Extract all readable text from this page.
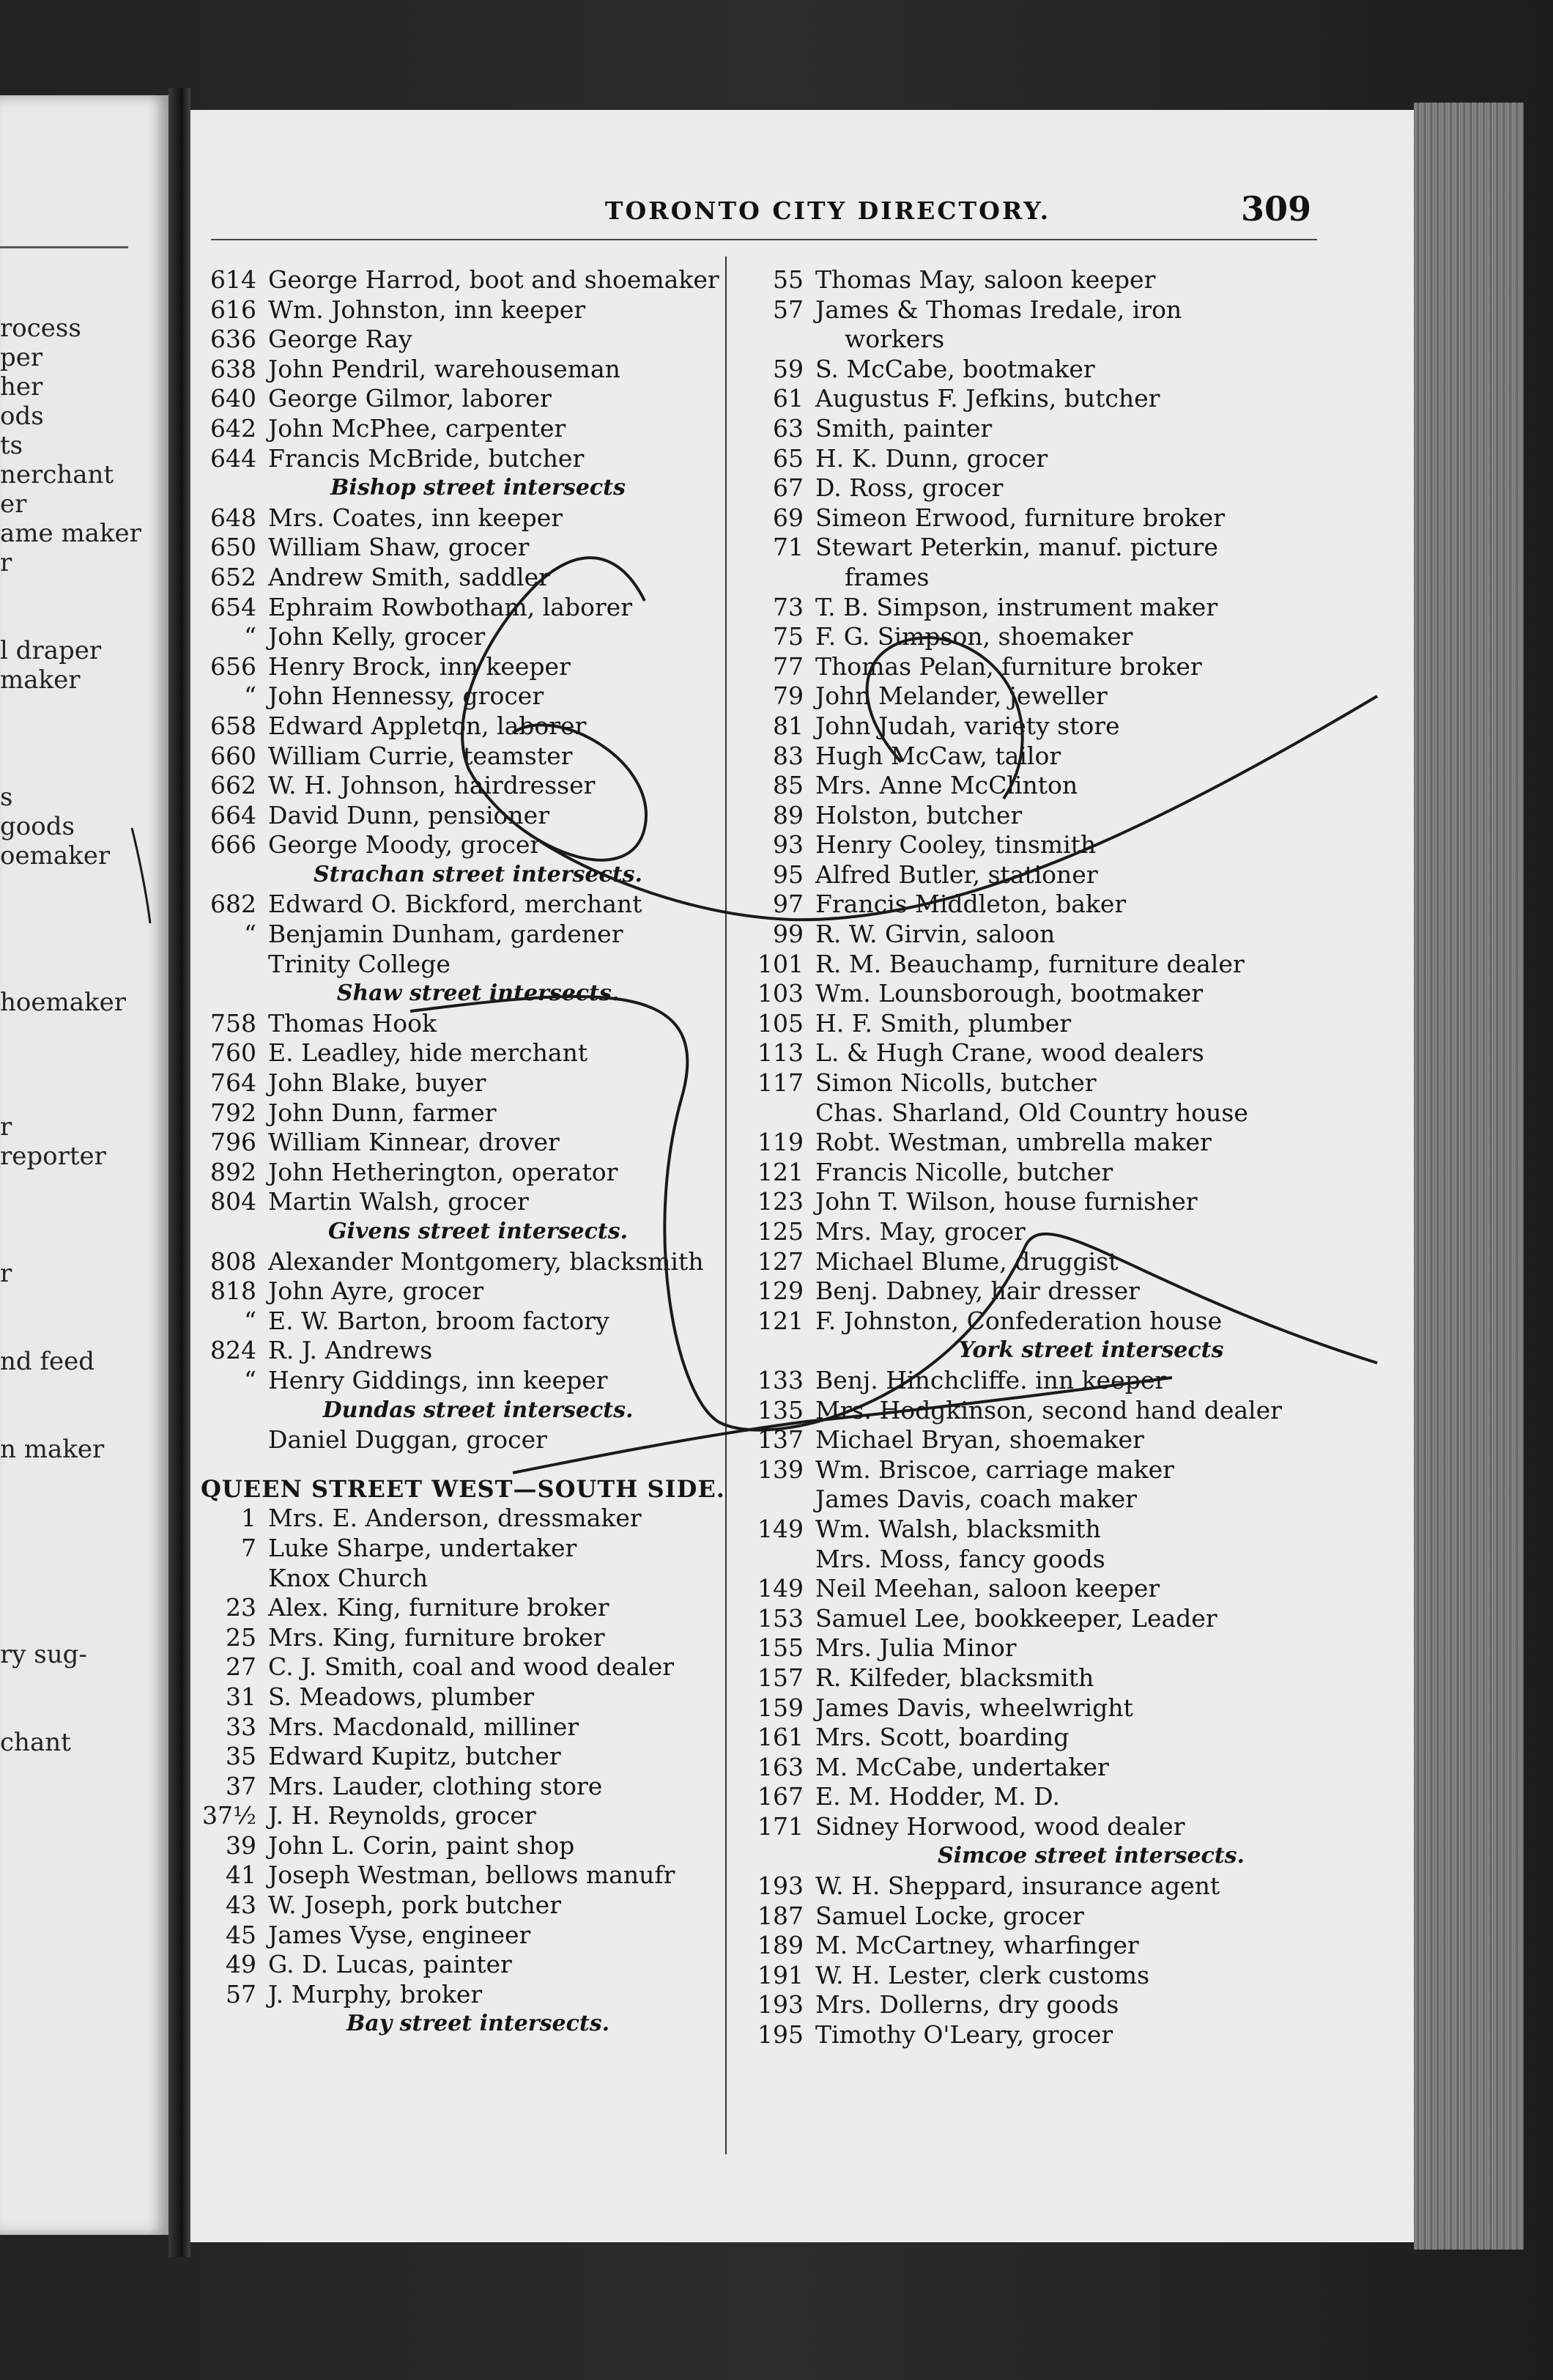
rocess
per
her
ods
ts
nerchant
er
ame maker
r
l draper
maker
s
goods
oemaker
hoemaker
r
reporter
r
nd feed
n maker
ry sug-
chant
TORONTO CITY DIRECTORY.	309
614 George Harrod, boot and shoemaker
616 Wm. Johnston, inn keeper
636 George Ray
638 John Pendril, warehouseman
640 George Gilmor, laborer
642 John McPhee, carpenter
644 Francis McBride, butcher
Bishop street intersects
648 Mrs. Coates, inn keeper
650 William Shaw, grocer
652 Andrew Smith, saddler
654 Ephraim Rowbotham, laborer
“ John Kelly, grocer
656 Henry Brock, inn keeper
“ John Hennessy, grocer
658 Edward Appleton, laborer
660 William Currie, teamster
662 W. H. Johnson, hairdresser
664 David Dunn, pensioner
666 George Moody, grocer
Strachan street intersects.
682 Edward O. Bickford, merchant
“ Benjamin Dunham, gardener
Trinity College
Shaw street intersects.
758 Thomas Hook
760 E. Leadley, hide merchant
764 John Blake, buyer
792 John Dunn, farmer
796 William Kinnear, drover
892 John Hetherington, operator
804 Martin Walsh, grocer
Givens street intersects.
808 Alexander Montgomery, blacksmith
818 John Ayre, grocer
“ E. W. Barton, broom factory
824 R. J. Andrews
“ Henry Giddings, inn keeper
Dundas street intersects.
Daniel Duggan, grocer
QUEEN STREET WEST—SOUTH SIDE.
1 Mrs. E. Anderson, dressmaker
7 Luke Sharpe, undertaker
Knox Church
23 Alex. King, furniture broker
25 Mrs. King, furniture broker
27 C. J. Smith, coal and wood dealer
31 S. Meadows, plumber
33 Mrs. Macdonald, milliner
35 Edward Kupitz, butcher
37 Mrs. Lauder, clothing store
37½ J. H. Reynolds, grocer
39 John L. Corin, paint shop
41 Joseph Westman, bellows manufr
43 W. Joseph, pork butcher
45 James Vyse, engineer
49 G. D. Lucas, painter
57 J. Murphy, broker
Bay street intersects.
55 Thomas May, saloon keeper
57 James & Thomas Iredale, iron
workers
59 S. McCabe, bootmaker
61 Augustus F. Jefkins, butcher
63 Smith, painter
65 H. K. Dunn, grocer
67 D. Ross, grocer
69 Simeon Erwood, furniture broker
71 Stewart Peterkin, manuf. picture
frames
73 T. B. Simpson, instrument maker
75 F. G. Simpson, shoemaker
77 Thomas Pelan, furniture broker
79 John Melander, jeweller
81 John Judah, variety store
83 Hugh McCaw, tailor
85 Mrs. Anne McClinton
89 Holston, butcher
93 Henry Cooley, tinsmith
95 Alfred Butler, stationer
97 Francis Middleton, baker
99 R. W. Girvin, saloon
101 R. M. Beauchamp, furniture dealer
103 Wm. Lounsborough, bootmaker
105 H. F. Smith, plumber
113 L. & Hugh Crane, wood dealers
117 Simon Nicolls, butcher
Chas. Sharland, Old Country house
119 Robt. Westman, umbrella maker
121 Francis Nicolle, butcher
123 John T. Wilson, house furnisher
125 Mrs. May, grocer
127 Michael Blume, druggist
129 Benj. Dabney, hair dresser
121 F. Johnston, Confederation house
York street intersects
133 Benj. Hinchcliffe. inn keeper
135 Mrs. Hodgkinson, second hand dealer
137 Michael Bryan, shoemaker
139 Wm. Briscoe, carriage maker
James Davis, coach maker
149 Wm. Walsh, blacksmith
Mrs. Moss, fancy goods
149 Neil Meehan, saloon keeper
153 Samuel Lee, bookkeeper, Leader
155 Mrs. Julia Minor
157 R. Kilfeder, blacksmith
159 James Davis, wheelwright
161 Mrs. Scott, boarding
163 M. McCabe, undertaker
167 E. M. Hodder, M. D.
171 Sidney Horwood, wood dealer
Simcoe street intersects.
193 W. H. Sheppard, insurance agent
187 Samuel Locke, grocer
189 M. McCartney, wharfinger
191 W. H. Lester, clerk customs
193 Mrs. Dollerns, dry goods
195 Timothy O'Leary, grocer
